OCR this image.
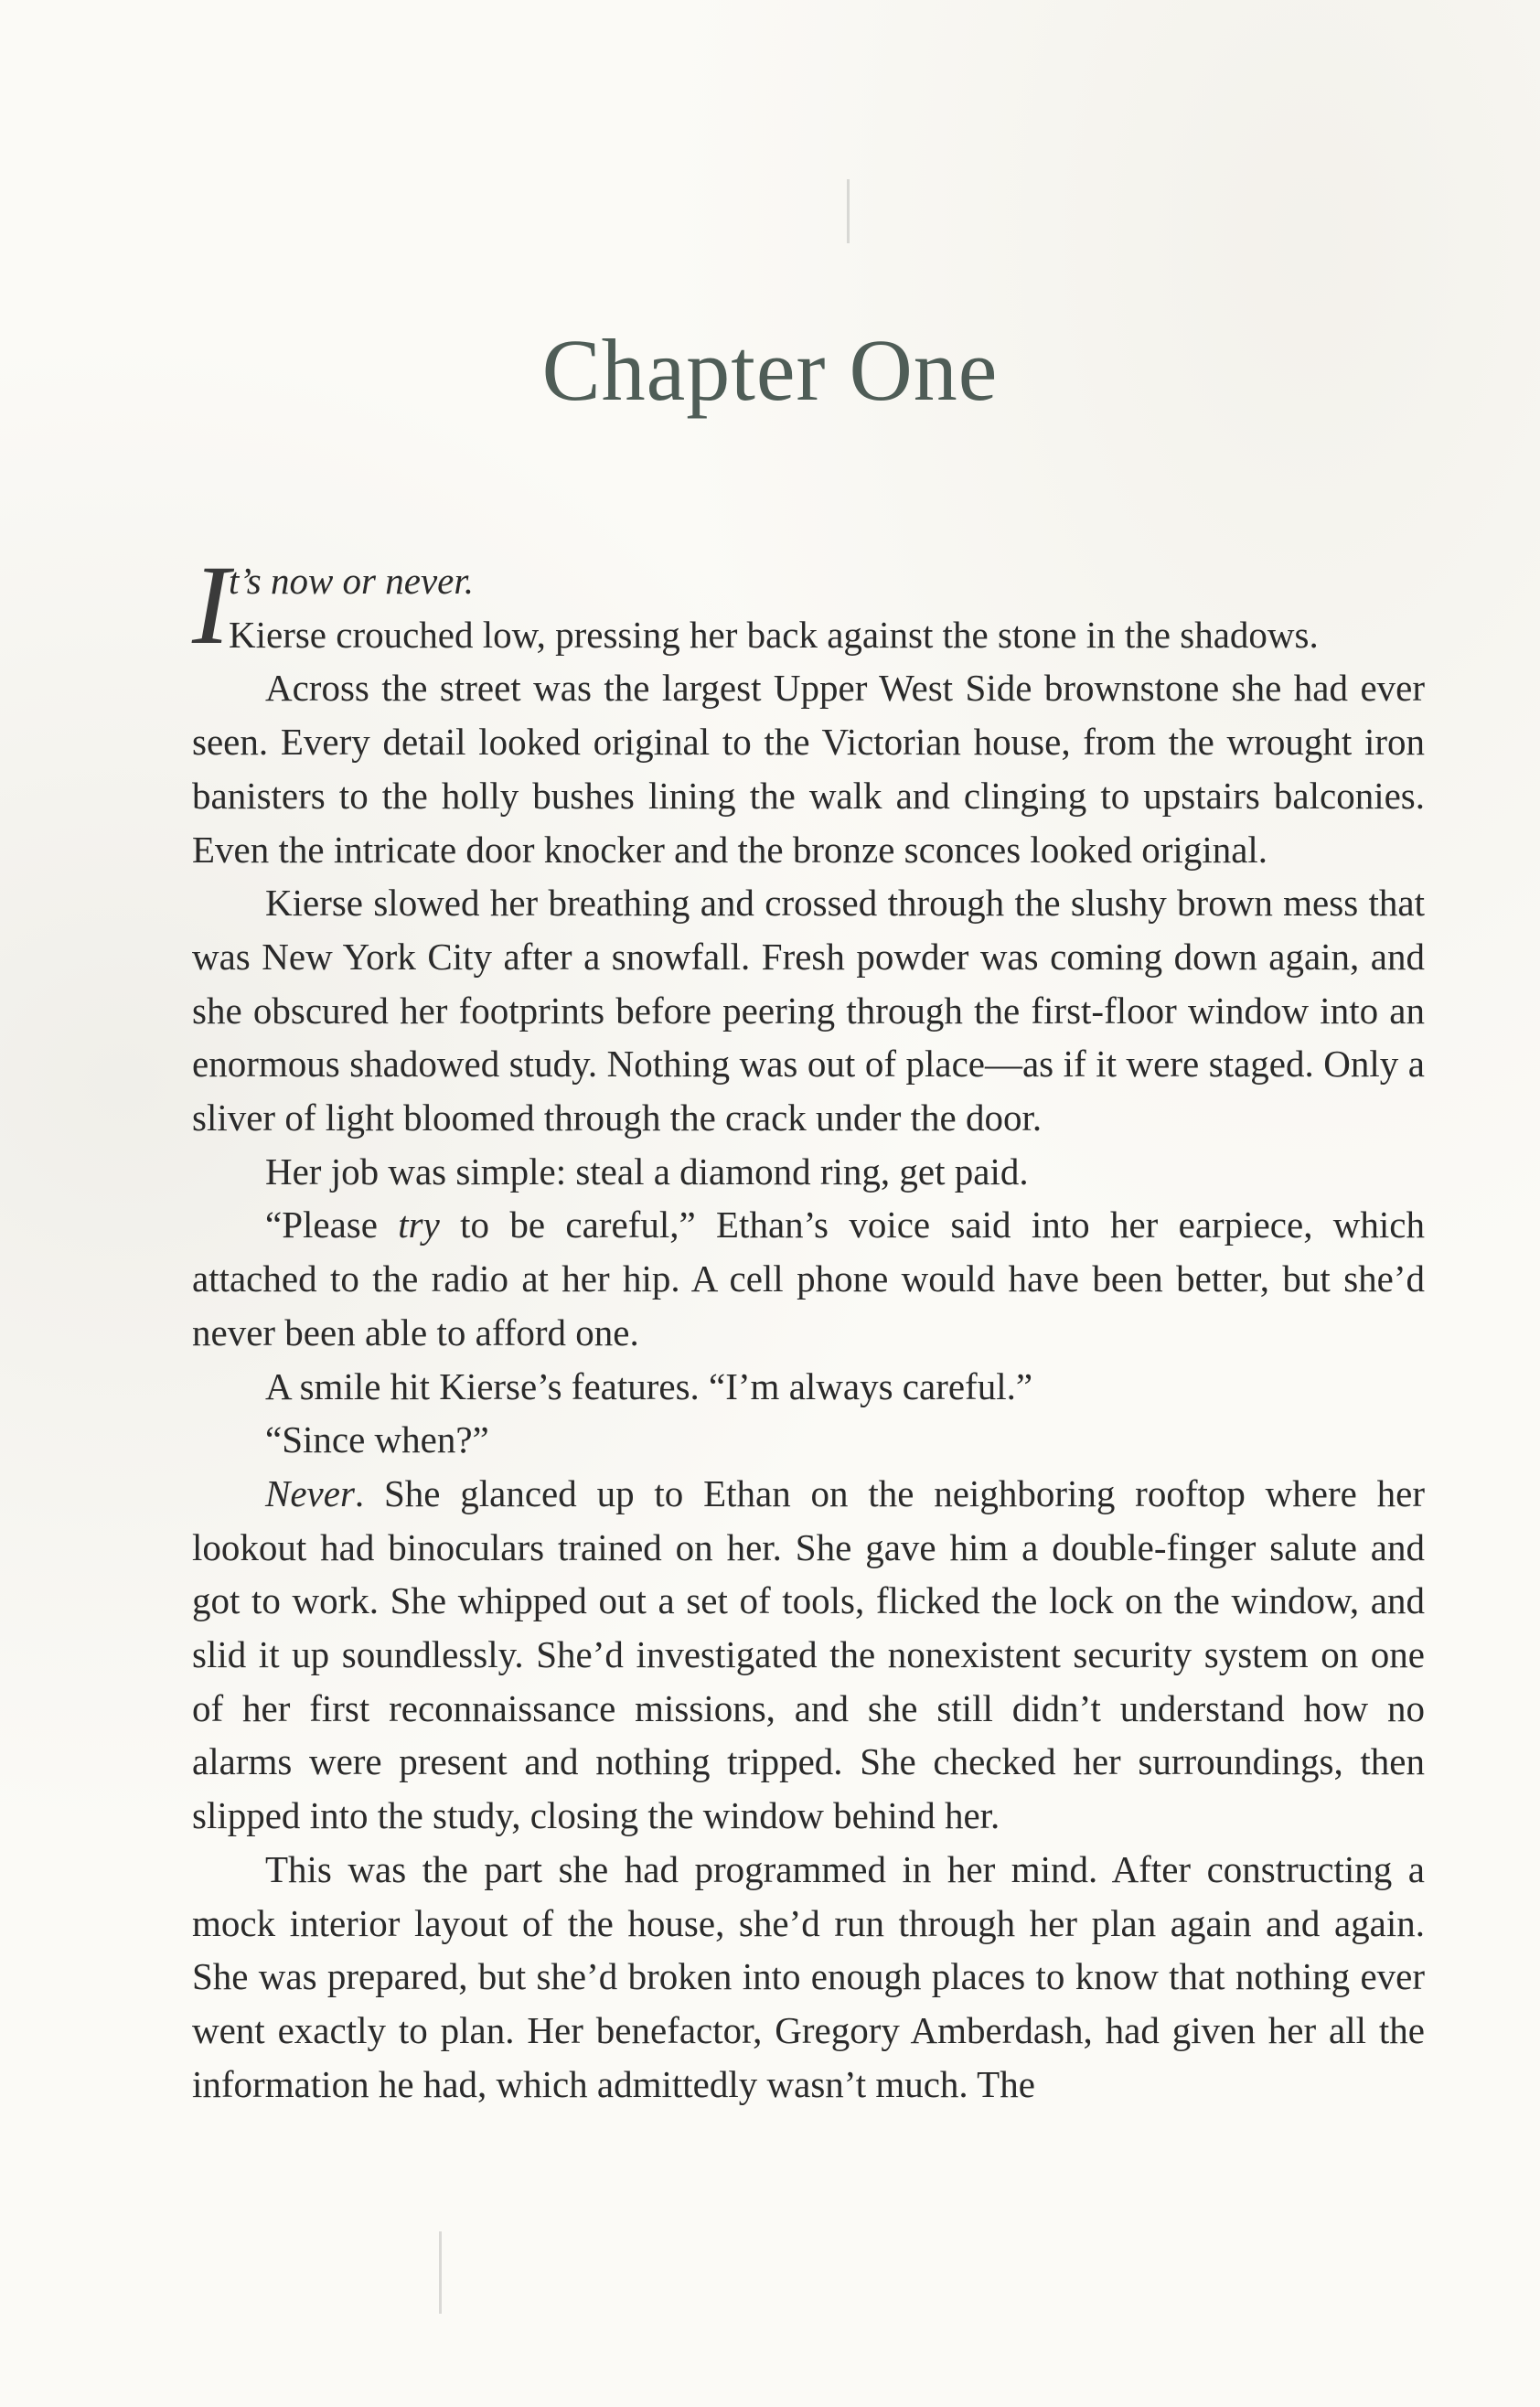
Chapter One

I
t’s now or never.

Kierse crouched low, pressing her back against the stone in the shadows.

Across the street was the largest Upper West Side brownstone she had ever seen. Every detail looked original to the Victorian house, from the wrought iron banisters to the holly bushes lining the walk and clinging to upstairs balconies. Even the intricate door knocker and the bronze sconces looked original.

Kierse slowed her breathing and crossed through the slushy brown mess that was New York City after a snowfall. Fresh powder was coming down again, and she obscured her footprints before peering through the first-floor window into an enormous shadowed study. Nothing was out of place—as if it were staged. Only a sliver of light bloomed through the crack under the door.

Her job was simple: steal a diamond ring, get paid.

“Please try to be careful,” Ethan’s voice said into her earpiece, which attached to the radio at her hip. A cell phone would have been better, but she’d never been able to afford one.

A smile hit Kierse’s features. “I’m always careful.”

“Since when?”

Never. She glanced up to Ethan on the neighboring rooftop where her lookout had binoculars trained on her. She gave him a double-finger salute and got to work. She whipped out a set of tools, flicked the lock on the window, and slid it up soundlessly. She’d investigated the nonexistent security system on one of her first reconnaissance missions, and she still didn’t understand how no alarms were present and nothing tripped. She checked her surroundings, then slipped into the study, closing the window behind her.

This was the part she had programmed in her mind. After constructing a mock interior layout of the house, she’d run through her plan again and again. She was prepared, but she’d broken into enough places to know that nothing ever went exactly to plan. Her benefactor, Gregory Amberdash, had given her all the information he had, which admittedly wasn’t much. The
